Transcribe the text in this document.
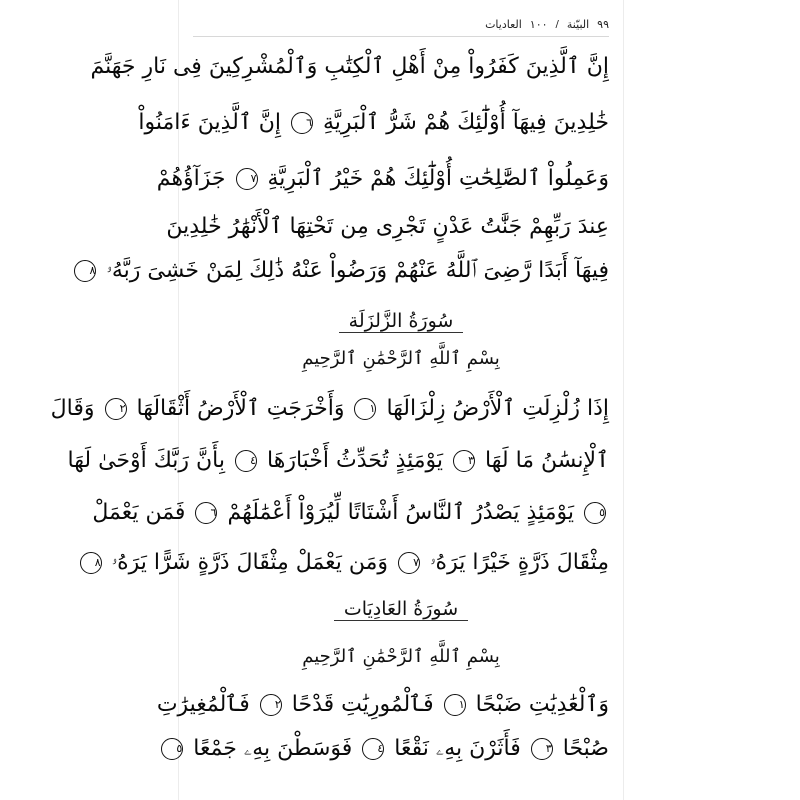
٩٩
البيّنة
/
١٠٠
العاديات
إِنَّ ٱلَّذِينَ كَفَرُواْ مِنْ أَهْلِ ٱلْكِتَٰبِ وَٱلْمُشْرِكِينَ فِى نَارِ جَهَنَّمَ
خَٰلِدِينَ فِيهَآ أُوْلَٰٓئِكَ هُمْ شَرُّ ٱلْبَرِيَّةِ ٦ إِنَّ ٱلَّذِينَ ءَامَنُواْ
وَعَمِلُواْ ٱلصَّٰلِحَٰتِ أُوْلَٰٓئِكَ هُمْ خَيْرُ ٱلْبَرِيَّةِ ٧ جَزَآؤُهُمْ
عِندَ رَبِّهِمْ جَنَّٰتُ عَدْنٍ تَجْرِى مِن تَحْتِهَا ٱلْأَنْهَٰرُ خَٰلِدِينَ
فِيهَآ أَبَدًا رَّضِىَ ٱللَّهُ عَنْهُمْ وَرَضُواْ عَنْهُ ذَٰلِكَ لِمَنْ خَشِىَ رَبَّهُۥ ٨
سُورَةُ الزَّلزَلَة
بِسْمِ ٱللَّهِ ٱلرَّحْمَٰنِ ٱلرَّحِيمِ
إِذَا زُلْزِلَتِ ٱلْأَرْضُ زِلْزَالَهَا ١ وَأَخْرَجَتِ ٱلْأَرْضُ أَثْقَالَهَا ٢ وَقَالَ
ٱلْإِنسَٰنُ مَا لَهَا ٣ يَوْمَئِذٍ تُحَدِّثُ أَخْبَارَهَا ٤ بِأَنَّ رَبَّكَ أَوْحَىٰ لَهَا
٥ يَوْمَئِذٍ يَصْدُرُ ٱلنَّاسُ أَشْتَاتًا لِّيُرَوْاْ أَعْمَٰلَهُمْ ٦ فَمَن يَعْمَلْ
مِثْقَالَ ذَرَّةٍ خَيْرًا يَرَهُۥ ٧ وَمَن يَعْمَلْ مِثْقَالَ ذَرَّةٍ شَرًّا يَرَهُۥ ٨
سُورَةُ العَادِيَات
بِسْمِ ٱللَّهِ ٱلرَّحْمَٰنِ ٱلرَّحِيمِ
وَٱلْعَٰدِيَٰتِ ضَبْحًا ١ فَٱلْمُورِيَٰتِ قَدْحًا ٢ فَٱلْمُغِيرَٰتِ
صُبْحًا ٣ فَأَثَرْنَ بِهِۦ نَقْعًا ٤ فَوَسَطْنَ بِهِۦ جَمْعًا ٥
